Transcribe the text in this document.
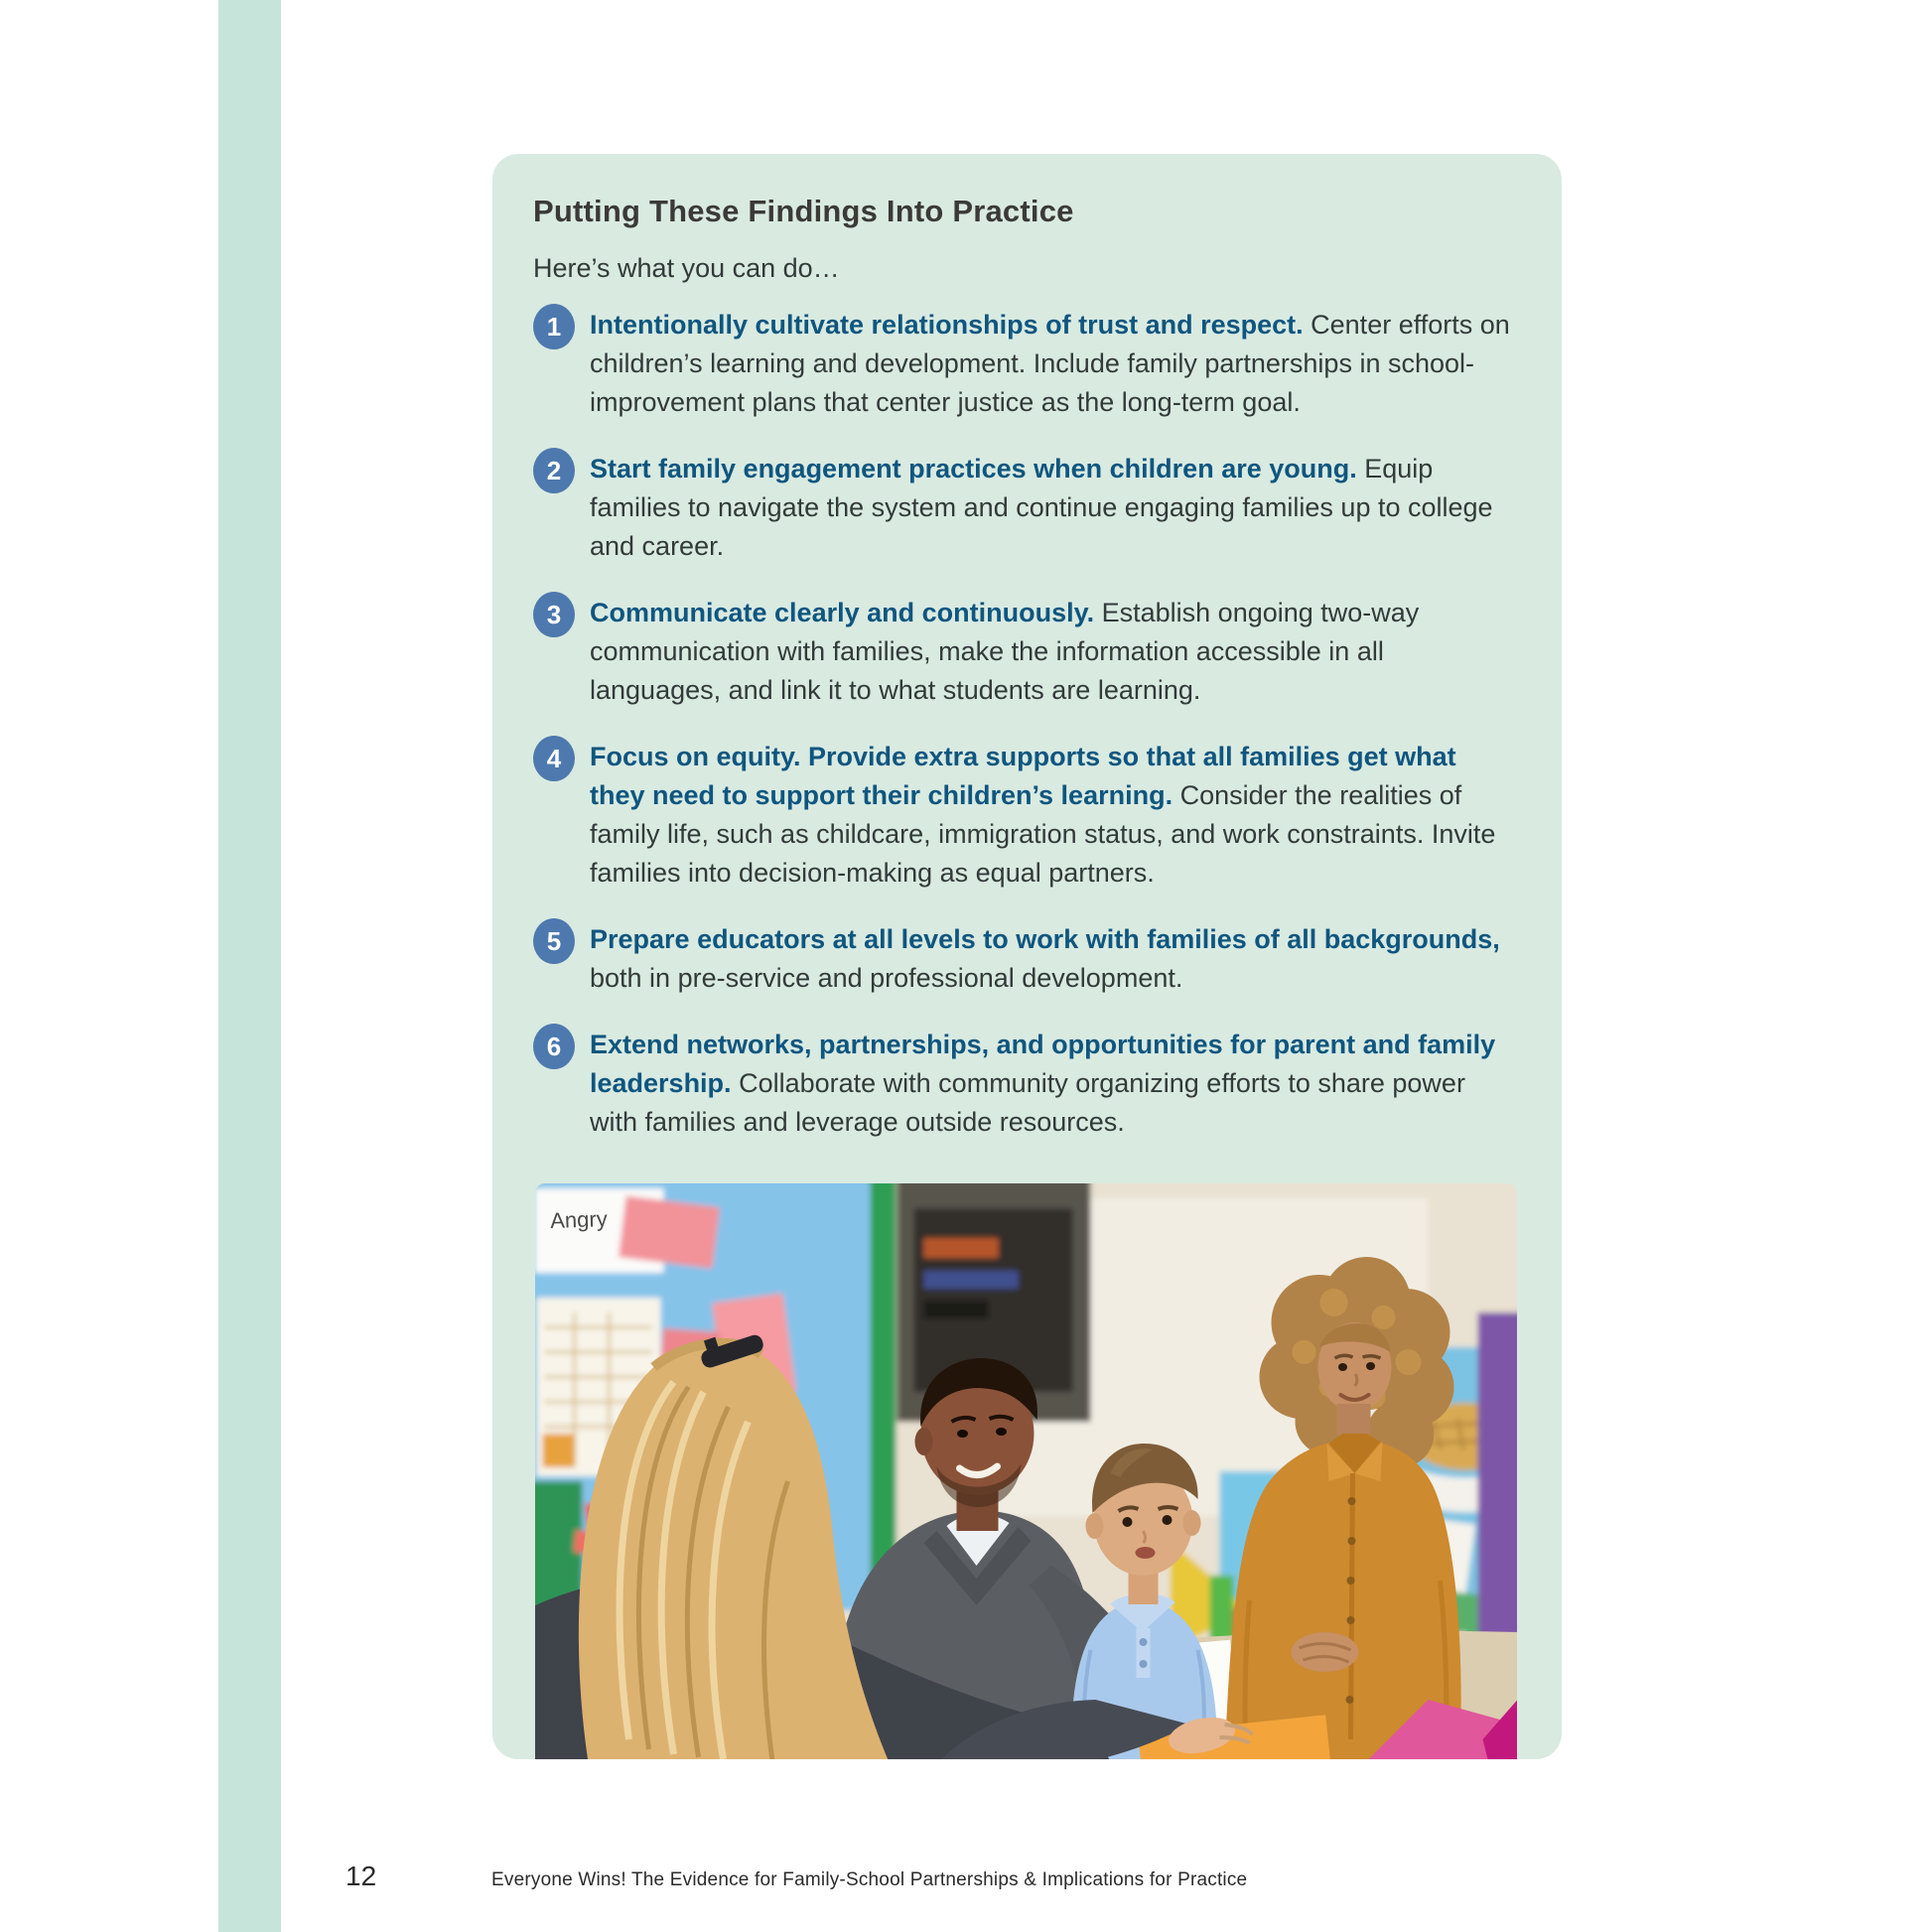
Putting These Findings Into Practice

Here’s what you can do…

1	Intentionally cultivate relationships of trust and respect. Center efforts on children’s learning and development. Include family partnerships in school-improvement plans that center justice as the long-term goal.
2	Start family engagement practices when children are young. Equip families to navigate the system and continue engaging families up to college and career.
3	Communicate clearly and continuously. Establish ongoing two-way communication with families, make the information accessible in all languages, and link it to what students are learning.
4	Focus on equity. Provide extra supports so that all families get what they need to support their children’s learning. Consider the realities of family life, such as childcare, immigration status, and work constraints. Invite families into decision-making as equal partners.
5	Prepare educators at all levels to work with families of all backgrounds, both in pre-service and professional development.
6	Extend networks, partnerships, and opportunities for parent and family leadership. Collaborate with community organizing efforts to share power with families and leverage outside resources.
Angry
12	Everyone Wins! The Evidence for Family-School Partnerships & Implications for Practice
